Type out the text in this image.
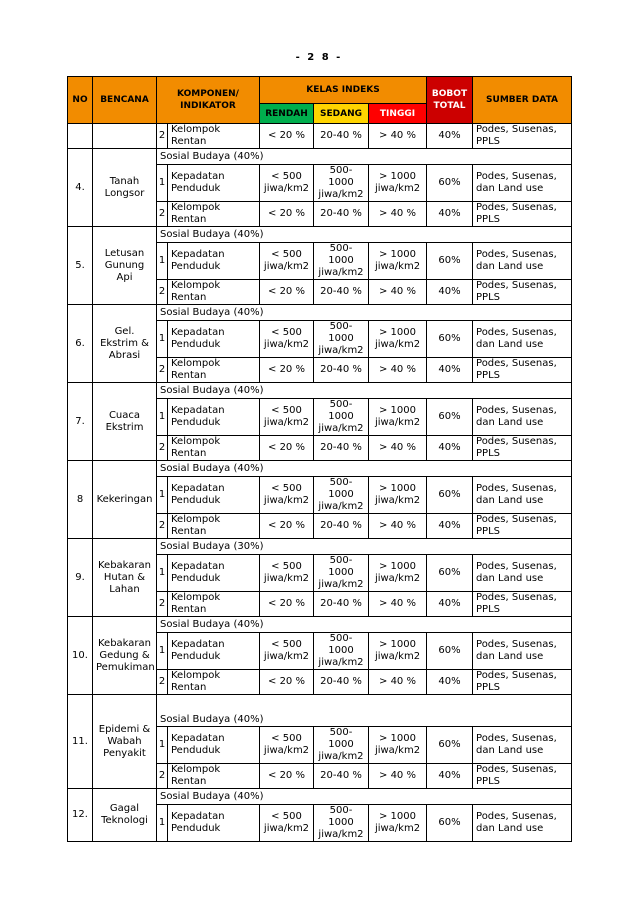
- 2 8 -
NO	BENCANA	KOMPONEN/ INDIKATOR		KELAS INDEKS			BOBOT TOTAL	SUMBER DATA
				RENDAH	SEDANG	TINGGI		
		2	Kelompok Rentan	< 20 %	20-40 %	> 40 %	40%	Podes, Susenas, PPLS
4.	Tanah Longsor	Sosial Budaya (40%)						
		1	Kepadatan Penduduk	< 500 jiwa/km2	500-1000 jiwa/km2	> 1000 jiwa/km2	60%	Podes, Susenas, dan Land use
		2	Kelompok Rentan	< 20 %	20-40 %	> 40 %	40%	Podes, Susenas, PPLS
5.	Letusan Gunung Api	Sosial Budaya (40%)						
		1	Kepadatan Penduduk	< 500 jiwa/km2	500-1000 jiwa/km2	> 1000 jiwa/km2	60%	Podes, Susenas, dan Land use
		2	Kelompok Rentan	< 20 %	20-40 %	> 40 %	40%	Podes, Susenas, PPLS
6.	Gel. Ekstrim & Abrasi	Sosial Budaya (40%)						
		1	Kepadatan Penduduk	< 500 jiwa/km2	500-1000 jiwa/km2	> 1000 jiwa/km2	60%	Podes, Susenas, dan Land use
		2	Kelompok Rentan	< 20 %	20-40 %	> 40 %	40%	Podes, Susenas, PPLS
7.	Cuaca Ekstrim	Sosial Budaya (40%)						
		1	Kepadatan Penduduk	< 500 jiwa/km2	500-1000 jiwa/km2	> 1000 jiwa/km2	60%	Podes, Susenas, dan Land use
		2	Kelompok Rentan	< 20 %	20-40 %	> 40 %	40%	Podes, Susenas, PPLS
8	Kekeringan	Sosial Budaya (40%)						
		1	Kepadatan Penduduk	< 500 jiwa/km2	500-1000 jiwa/km2	> 1000 jiwa/km2	60%	Podes, Susenas, dan Land use
		2	Kelompok Rentan	< 20 %	20-40 %	> 40 %	40%	Podes, Susenas, PPLS
9.	Kebakaran Hutan & Lahan	Sosial Budaya (30%)						
		1	Kepadatan Penduduk	< 500 jiwa/km2	500-1000 jiwa/km2	> 1000 jiwa/km2	60%	Podes, Susenas, dan Land use
		2	Kelompok Rentan	< 20 %	20-40 %	> 40 %	40%	Podes, Susenas, PPLS
10.	Kebakaran Gedung & Pemukiman	Sosial Budaya (40%)						
		1	Kepadatan Penduduk	< 500 jiwa/km2	500-1000 jiwa/km2	> 1000 jiwa/km2	60%	Podes, Susenas, dan Land use
		2	Kelompok Rentan	< 20 %	20-40 %	> 40 %	40%	Podes, Susenas, PPLS
11.	Epidemi & Wabah Penyakit	Sosial Budaya (40%)						
		1	Kepadatan Penduduk	< 500 jiwa/km2	500-1000 jiwa/km2	> 1000 jiwa/km2	60%	Podes, Susenas, dan Land use
		2	Kelompok Rentan	< 20 %	20-40 %	> 40 %	40%	Podes, Susenas, PPLS
12.	Gagal Teknologi	Sosial Budaya (40%)						
		1	Kepadatan Penduduk	< 500 jiwa/km2	500-1000 jiwa/km2	> 1000 jiwa/km2	60%	Podes, Susenas, dan Land use
